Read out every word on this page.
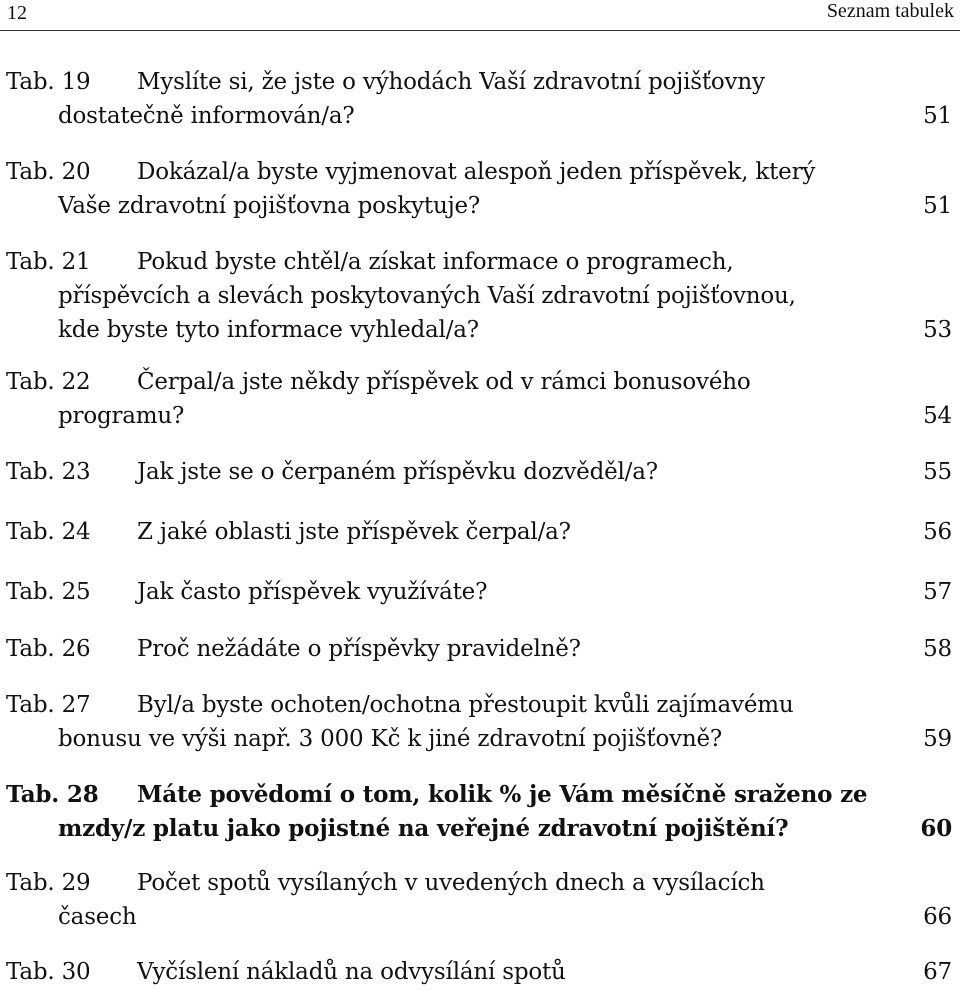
12	Seznam tabulek
Tab. 19 Myslíte si, že jste o výhodách Vaší zdravotní pojišťovny
dostatečně informován/a?	51
Tab. 20 Dokázal/a byste vyjmenovat alespoň jeden příspěvek, který
Vaše zdravotní pojišťovna poskytuje?	51
Tab. 21 Pokud byste chtěl/a získat informace o programech,
příspěvcích a slevách poskytovaných Vaší zdravotní pojišťovnou,
kde byste tyto informace vyhledal/a?	53
Tab. 22 Čerpal/a jste někdy příspěvek od v rámci bonusového
programu?	54
Tab. 23 Jak jste se o čerpaném příspěvku dozvěděl/a?	55
Tab. 24 Z jaké oblasti jste příspěvek čerpal/a?	56
Tab. 25 Jak často příspěvek využíváte?	57
Tab. 26 Proč nežádáte o příspěvky pravidelně?	58
Tab. 27 Byl/a byste ochoten/ochotna přestoupit kvůli zajímavému
bonusu ve výši např. 3 000 Kč k jiné zdravotní pojišťovně?	59
Tab. 28 Máte povědomí o tom, kolik % je Vám měsíčně sraženo ze
mzdy/z platu jako pojistné na veřejné zdravotní pojištění?	60
Tab. 29 Počet spotů vysílaných v uvedených dnech a vysílacích
časech	66
Tab. 30 Vyčíslení nákladů na odvysílání spotů	67
